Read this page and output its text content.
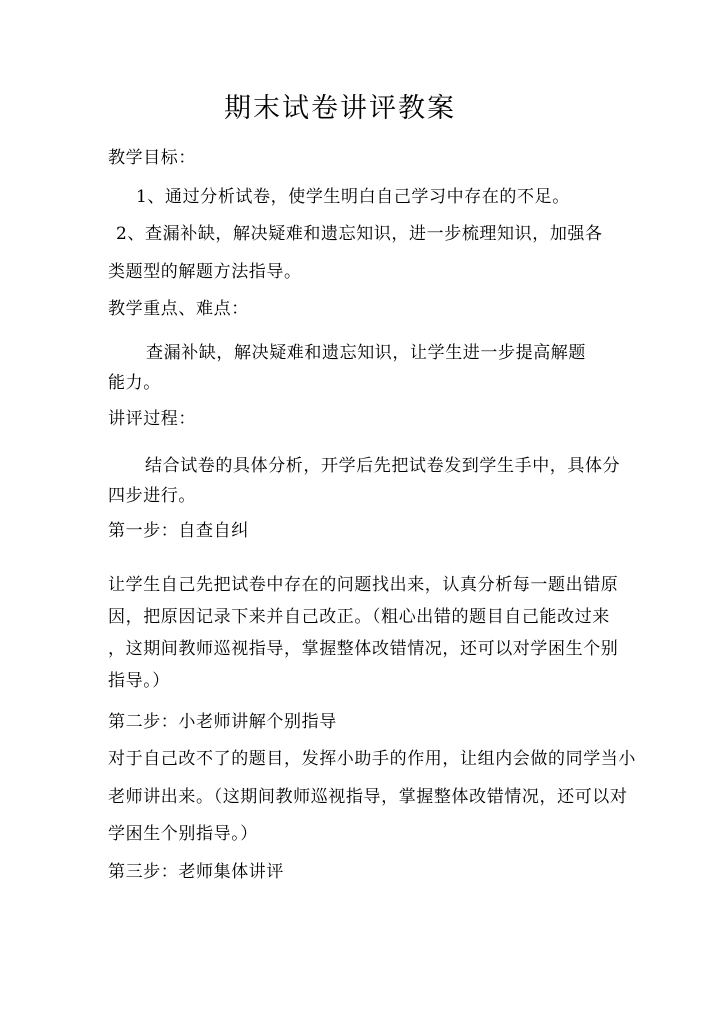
期末试卷讲评教案
教学目标：
1、通过分析试卷，使学生明白自己学习中存在的不足。
2、查漏补缺，解决疑难和遗忘知识，进一步梳理知识，加强各
类题型的解题方法指导。
教学重点、难点：
查漏补缺，解决疑难和遗忘知识，让学生进一步提高解题
能力。
讲评过程：
结合试卷的具体分析，开学后先把试卷发到学生手中，具体分
四步进行。
第一步：自查自纠
让学生自己先把试卷中存在的问题找出来，认真分析每一题出错原
因，把原因记录下来并自己改正。（粗心出错的题目自己能改过来
，这期间教师巡视指导，掌握整体改错情况，还可以对学困生个别
指导。）
第二步：小老师讲解个别指导
对于自己改不了的题目，发挥小助手的作用，让组内会做的同学当小
老师讲出来。（这期间教师巡视指导，掌握整体改错情况，还可以对
学困生个别指导。）
第三步：老师集体讲评
